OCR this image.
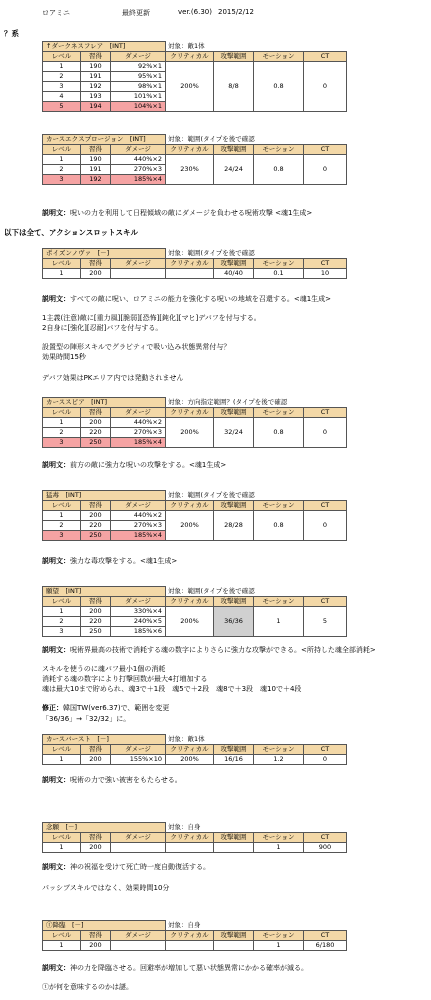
ロアミニ	最終更新	ver.(6.30) 2015/2/12
？系
↑ダークネスフレア　[INT]			対象：敵1体			
レベル	習得	ダメージ	クリティカル	攻撃範囲	モーション	CT
1	190	92%×1	200%	8/8	0.8	0
2	191	95%×1				
3	192	98%×1				
4	193	101%×1				
5	194	104%×1				
カースエクスプロージョン　[INT]			対象：範囲(タイプを後で確認			
レベル	習得	ダメージ	クリティカル	攻撃範囲	モーション	CT
1	190	440%×2	230%	24/24	0.8	0
2	191	270%×3				
3	192	185%×4				
ポイズンノヴァ　[－]			対象：範囲(タイプを後で確認			
レベル	習得	ダメージ	クリティカル	攻撃範囲	モーション	CT
1	200			40/40	0.1	10
カーススピア　[INT]			対象：方向指定範囲？(タイプを後で確認			
レベル	習得	ダメージ	クリティカル	攻撃範囲	モーション	CT
1	200	440%×2	200%	32/24	0.8	0
2	220	270%×3				
3	250	185%×4				
猛毒　[INT]			対象：範囲(タイプを後で確認			
レベル	習得	ダメージ	クリティカル	攻撃範囲	モーション	CT
1	200	440%×2	200%	28/28	0.8	0
2	220	270%×3				
3	250	185%×4				
願望　[INT]			対象：範囲(タイプを後で確認			
レベル	習得	ダメージ	クリティカル	攻撃範囲	モーション	CT
1	200	330%×4	200%	36/36	1	5
2	220	240%×5				
3	250	185%×6				
カースバースト　[－]			対象：敵1体			
レベル	習得	ダメージ	クリティカル	攻撃範囲	モーション	CT
1	200	155%×10	200%	16/16	1.2	0
念願　[－]			対象：自身			
レベル	習得	ダメージ	クリティカル	攻撃範囲	モーション	CT
1	200				1	900
ⓣ降臨　[－]			対象：自身			
レベル	習得	ダメージ	クリティカル	攻撃範囲	モーション	CT
1	200				1	6/180
以下は全て、アクションスロットスキル
説明文：呪いの力を利用して日程傾域の敵にダメージを負わせる呪術攻撃 <魂1生成>
説明文：すべての敵に呪い、ロアミニの能力を強化する呪いの地域を召還する。<魂1生成>
1主義(注意)敵に[重力風][脆弱][恐怖][鈍化][マヒ]デバフを付与する。
2自身に[強化][忍耐]バフを付与する。
設置型の陣形スキルでグラビティで吸い込み状態異常付与？
効果時間15秒
デバフ効果はPKエリア内では発動されません
説明文：前方の敵に強力な呪いの攻撃をする。<魂1生成>
説明文：強力な毒攻撃をする。<魂1生成>
説明文：呪術界最高の技術で消耗する魂の数字によりさらに強力な攻撃ができる。<所持した魂全部消耗>
スキルを使うのに魂バフ最小1個の消耗
消耗する魂の数字により打撃回数が最大4打増加する
魂は最大10まで貯められ、魂3で＋1段　魂5で＋2段　魂8で＋3段　魂10で＋4段
修正：韓国TW(ver6.37)で、範囲を変更
「36/36」→「32/32」に。
説明文：呪術の力で強い被害をもたらせる。
説明文：神の祝福を受けて死亡時一度自動復活する。
パッシブスキルではなく、効果時間10分
説明文：神の力を降臨させる。回避率が増加して悪い状態異常にかかる確率が減る。
ⓣが何を意味するのかは謎。
